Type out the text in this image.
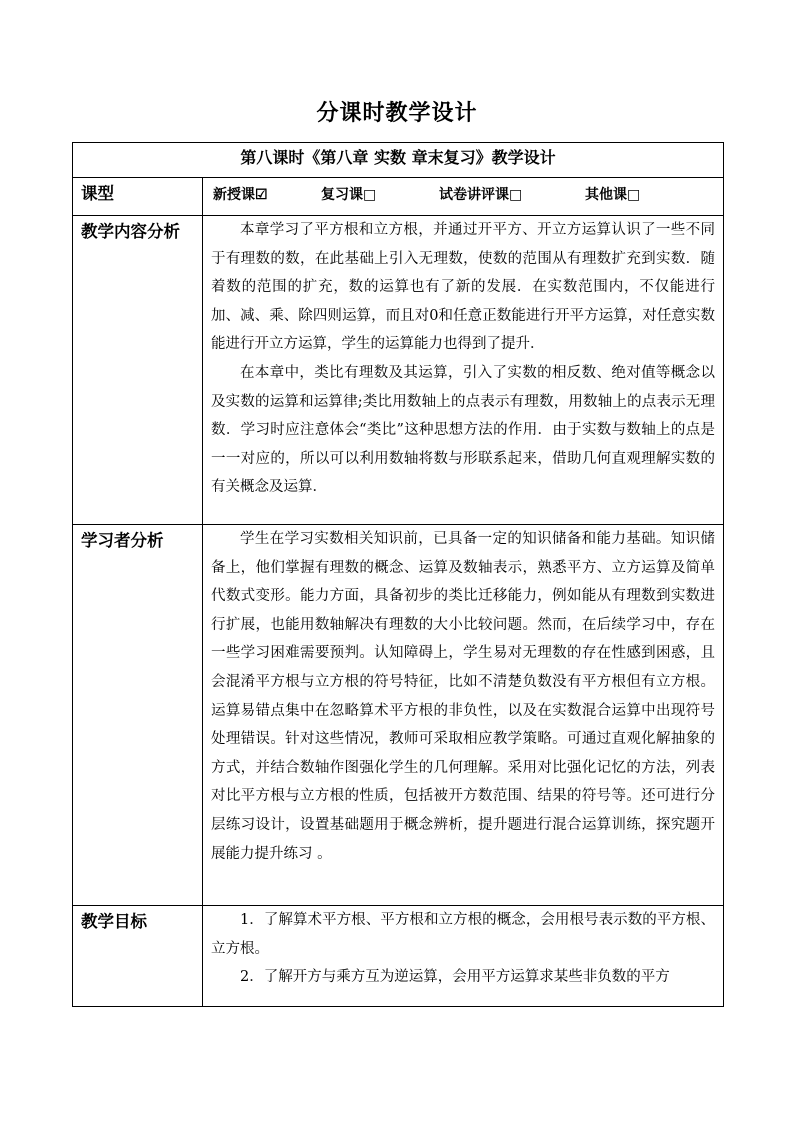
分课时教学设计
第八课时《第八章 实数 章末复习》教学设计	
课型	新授课☑ 复习课□ 试卷讲评课□ 其他课□

教学内容分析	本章学习了平方根和立方根，并通过开平方、开立方运算认识了一些不同于有理数的数，在此基础上引入无理数，使数的范围从有理数扩充到实数．随着数的范围的扩充，数的运算也有了新的发展．在实数范围内，不仅能进行加、减、乘、除四则运算，而且对0和任意正数能进行开平方运算，对任意实数能进行开立方运算，学生的运算能力也得到了提升．

在本章中，类比有理数及其运算，引入了实数的相反数、绝对值等概念以及实数的运算和运算律;类比用数轴上的点表示有理数，用数轴上的点表示无理数．学习时应注意体会“类比”这种思想方法的作用．由于实数与数轴上的点是一一对应的，所以可以利用数轴将数与形联系起来，借助几何直观理解实数的有关概念及运算．

学习者分析	学生在学习实数相关知识前，已具备一定的知识储备和能力基础。知识储备上，他们掌握有理数的概念、运算及数轴表示，熟悉平方、立方运算及简单代数式变形。能力方面，具备初步的类比迁移能力，例如能从有理数到实数进行扩展，也能用数轴解决有理数的大小比较问题。然而，在后续学习中，存在一些学习困难需要预判。认知障碍上，学生易对无理数的存在性感到困惑，且会混淆平方根与立方根的符号特征，比如不清楚负数没有平方根但有立方根。运算易错点集中在忽略算术平方根的非负性，以及在实数混合运算中出现符号处理错误。针对这些情况，教师可采取相应教学策略。可通过直观化解抽象的方式，并结合数轴作图强化学生的几何理解。采用对比强化记忆的方法，列表对比平方根与立方根的性质，包括被开方数范围、结果的符号等。还可进行分层练习设计，设置基础题用于概念辨析，提升题进行混合运算训练，探究题开展能力提升练习 。

教学目标	1．了解算术平方根、平方根和立方根的概念，会用根号表示数的平方根、立方根。

2．了解开方与乘方互为逆运算，会用平方运算求某些非负数的平方
